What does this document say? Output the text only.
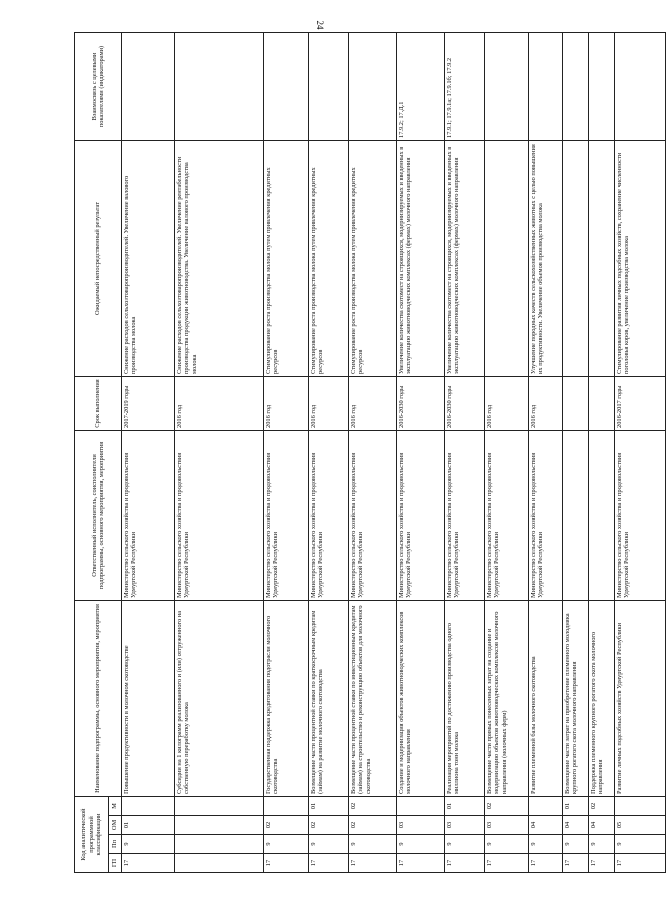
24
Код аналитической программной классификации				Наименование подпрограммы, основного мероприятия, мероприятия	Ответственный исполнитель, соисполнители подпрограммы, основного мероприятия, мероприятия	Срок выполнения	Ожидаемый непосредственный результат	Взаимосвязь с целевыми показателями (индикаторами)
ГП	Пп	ОМ	М					
17	9	01		Повышение продуктивности в молочном скотоводстве	Министерство сельского хозяйства и продовольствия Удмуртской Республики	2017-2019 годы	Снижение расходов сельхозтоваропроизводителей. Увеличение валового производства молока	
				Субсидии на 1 килограмм реализованного и (или) отгруженного на собственную переработку молока	Министерство сельского хозяйства и продовольствия Удмуртской Республики	2016 год	Снижение расходов сельхозтоваропроизводителей. Увеличение рентабельности производства продукции животноводства. Увеличение валового производства молока	
17	9	02		Государственная поддержка кредитования подотрасли молочного скотоводства	Министерство сельского хозяйства и продовольствия Удмуртской Республики	2016 год	Стимулирование роста производства молока путем привлечения кредитных ресурсов	
17	9	02	01	Возмещение части процентной ставки по краткосрочным кредитам (займам) на развитие молочного скотоводства	Министерство сельского хозяйства и продовольствия Удмуртской Республики	2016 год	Стимулирование роста производства молока путем привлечения кредитных ресурсов	
17	9	02	02	Возмещение части процентной ставки по инвестиционным кредитам (займам) на строительство и реконструкцию объектов для молочного скотоводства	Министерство сельского хозяйства и продовольствия Удмуртской Республики	2016 год	Стимулирование роста производства молока путем привлечения кредитных ресурсов	
17	9	03		Создание и модернизация объектов животноводческих комплексов молочного направления	Министерство сельского хозяйства и продовольствия Удмуртской Республики	2016-2030 годы	Увеличение количества скотомест на строящихся, модернизируемых и введенных в эксплуатацию животноводческих комплексах (фермах) молочного направления	17.9.2; 17.Д.1
17	9	03	01	Реализация мероприятий по достижению производства одного миллиона тонн молока	Министерство сельского хозяйства и продовольствия Удмуртской Республики	2016-2030 годы	Увеличение количества скотомест на строящихся, модернизируемых и введенных в эксплуатацию животноводческих комплексах (фермах) молочного направления	17.9.1; 17.9.1а; 17.9.1б; 17.9.2
17	9	03	02	Возмещение части прямых понесенных затрат на создание и модернизацию объектов животноводческих комплексов молочного направления (молочных ферм)	Министерство сельского хозяйства и продовольствия Удмуртской Республики	2016 год		
17	9	04		Развитие племенной базы молочного скотоводства	Министерство сельского хозяйства и продовольствия Удмуртской Республики	2016 год	Улучшение породных качеств сельскохозяйственных животных с целью повышения их продуктивности. Увеличение объемов производства молока	
17	9	04	01	Возмещение части затрат на приобретение племенного молодняка крупного рогатого скота молочного направления				
17	9	04	02	Поддержка племенного крупного рогатого скота молочного направления				
17	9	05		Развитие личных подсобных хозяйств Удмуртской Республики	Министерство сельского хозяйства и продовольствия Удмуртской Республики	2016-2017 годы	Стимулирование развития личных подсобных хозяйств, сохранение численности поголовья коров, увеличение производства молока	
